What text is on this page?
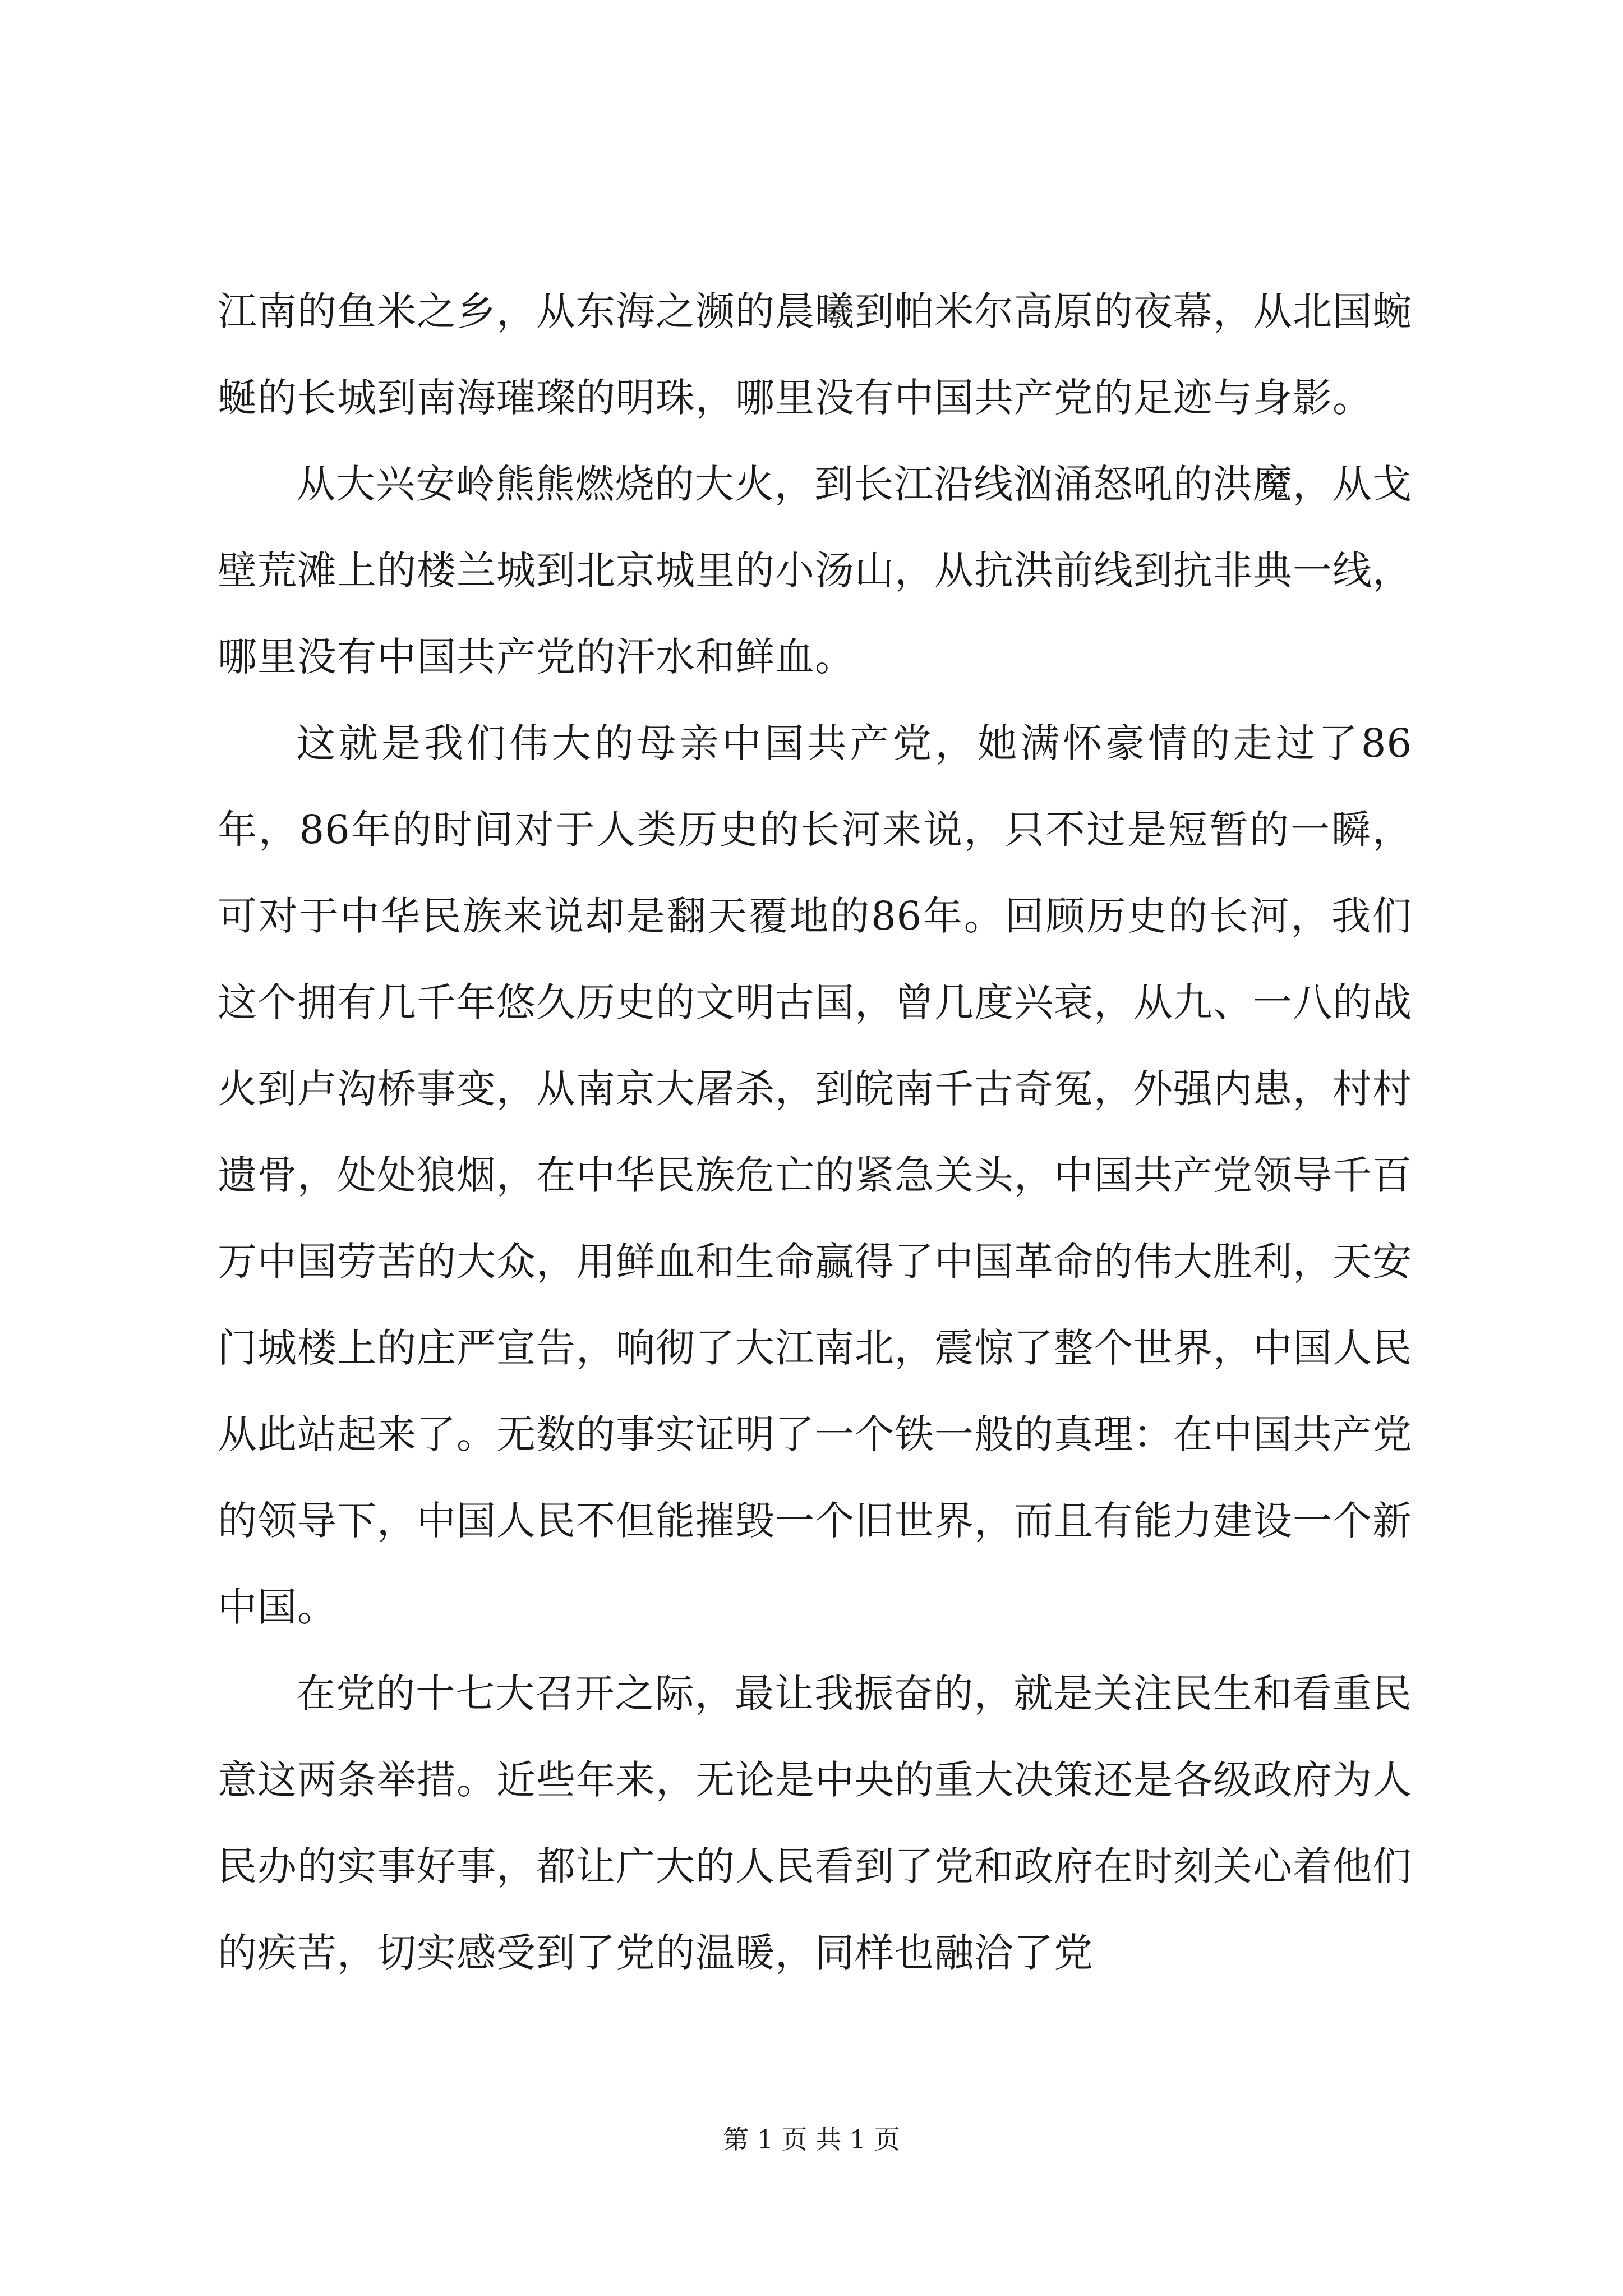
江南的鱼米之乡，从东海之濒的晨曦到帕米尔高原的夜幕，从北国蜿蜒的长城到南海璀璨的明珠，哪里没有中国共产党的足迹与身影。

从大兴安岭熊熊燃烧的大火，到长江沿线汹涌怒吼的洪魔，从戈壁荒滩上的楼兰城到北京城里的小汤山，从抗洪前线到抗非典一线，哪里没有中国共产党的汗水和鲜血。

这就是我们伟大的母亲中国共产党，她满怀豪情的走过了86年，86年的时间对于人类历史的长河来说，只不过是短暂的一瞬，可对于中华民族来说却是翻天覆地的86年。回顾历史的长河，我们这个拥有几千年悠久历史的文明古国，曾几度兴衰，从九、一八的战火到卢沟桥事变，从南京大屠杀，到皖南千古奇冤，外强内患，村村遗骨，处处狼烟，在中华民族危亡的紧急关头，中国共产党领导千百万中国劳苦的大众，用鲜血和生命赢得了中国革命的伟大胜利，天安门城楼上的庄严宣告，响彻了大江南北，震惊了整个世界，中国人民从此站起来了。无数的事实证明了一个铁一般的真理：在中国共产党的领导下，中国人民不但能摧毁一个旧世界，而且有能力建设一个新中国。

在党的十七大召开之际，最让我振奋的，就是关注民生和看重民意这两条举措。近些年来，无论是中央的重大决策还是各级政府为人民办的实事好事，都让广大的人民看到了党和政府在时刻关心着他们的疾苦，切实感受到了党的温暖，同样也融洽了党

第 1 页 共 1 页
